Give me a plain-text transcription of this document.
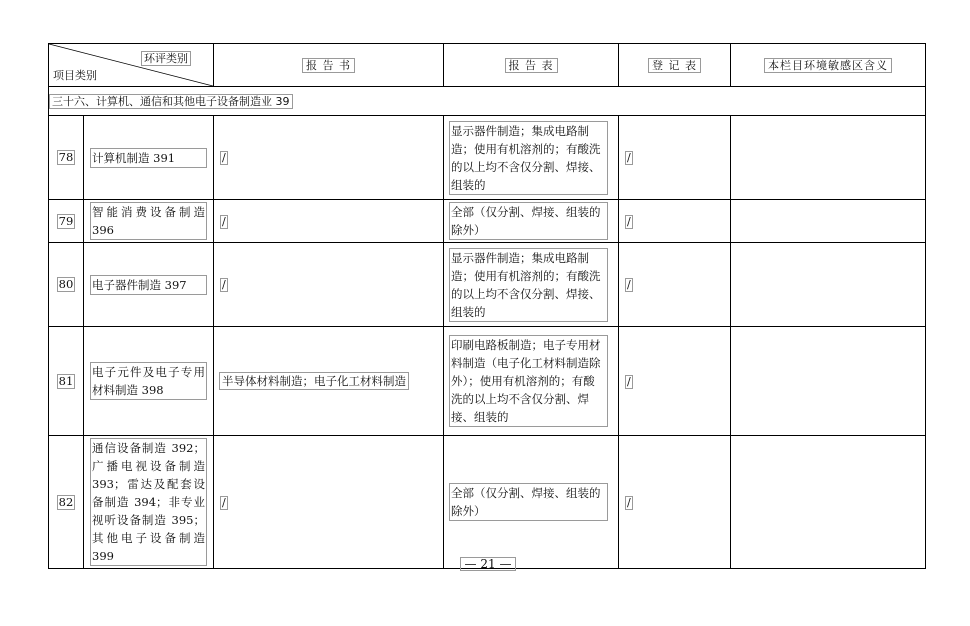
环评类别
项目类别		报 告 书	报 告 表	登 记 表	本栏目环境敏感区含义
三十六、计算机、通信和其他电子设备制造业 39					
78	计算机制造 391	/	显示器件制造；集成电路制造；使用有机溶剂的；有酸洗的以上均不含仅分割、焊接、组装的	/	
79	智能消费设备制造 396	/	全部（仅分割、焊接、组装的除外）	/	
80	电子器件制造 397	/	显示器件制造；集成电路制造；使用有机溶剂的；有酸洗的以上均不含仅分割、焊接、组装的	/	
81	电子元件及电子专用材料制造 398	半导体材料制造；电子化工材料制造	印刷电路板制造；电子专用材料制造（电子化工材料制造除外）；使用有机溶剂的；有酸洗的以上均不含仅分割、焊接、组装的	/	
82	通信设备制造 392；广播电视设备制造 393；雷达及配套设备制造 394；非专业视听设备制造 395；其他电子设备制造 399	/	全部（仅分割、焊接、组装的除外）	/	
— 21 —
